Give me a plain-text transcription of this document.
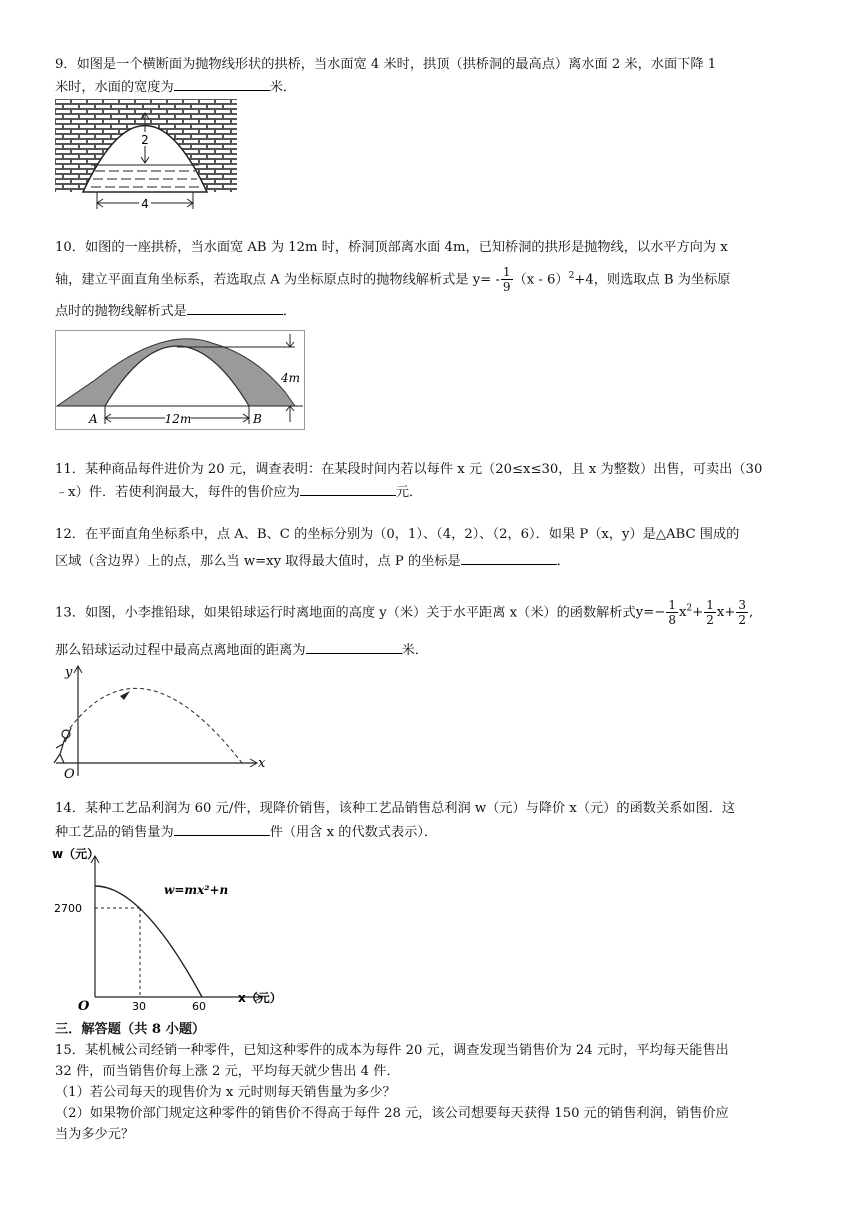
9．如图是一个横断面为抛物线形状的拱桥，当水面宽 4 米时，拱顶（拱桥洞的最高点）离水面 2 米，水面下降 1
米时，水面的宽度为	米．
2
4
10．如图的一座拱桥，当水面宽 AB 为 12m 时，桥洞顶部离水面 4m，已知桥洞的拱形是抛物线，以水平方向为 x
轴，建立平面直角坐标系，若选取点 A 为坐标原点时的抛物线解析式是 $y= - \frac{1}{9} (x - 6)^2+4$，则选取点 B 为坐标原
点时的抛物线解析式是	．
4m
12m
A	B
11．某种商品每件进价为 20 元，调查表明：在某段时间内若以每件 x 元（20≤x≤30，且 x 为整数）出售，可卖出（30
﹣x）件．若使利润最大，每件的售价应为	元．
12．在平面直角坐标系中，点 A、B、C 的坐标分别为（0，1）、（4，2）、（2，6）．如果 P（x，y）是△ABC 围成的
区域（含边界）上的点，那么当 w=xy 取得最大值时，点 P 的坐标是	．
13．如图，小李推铅球，如果铅球运行时离地面的高度 y（米）关于水平距离 x（米）的函数解析式$y=- \frac{1}{8} x^2+ \frac{1}{2} x+ \frac{3}{2}$ ,
那么铅球运动过程中最高点离地面的距离为	米．
y
x
O
14．某种工艺品利润为 60 元/件，现降价销售，该种工艺品销售总利润 w（元）与降价 x（元）的函数关系如图．这
种工艺品的销售量为	件（用含 x 的代数式表示）．
w（元）
x（元）
O
2700
30	60
w=mx²+n
三．解答题（共 8 小题）
15．某机械公司经销一种零件，已知这种零件的成本为每件 20 元，调查发现当销售价为 24 元时，平均每天能售出
32 件，而当销售价每上涨 2 元，平均每天就少售出 4 件．
（1）若公司每天的现售价为 x 元时则每天销售量为多少？
（2）如果物价部门规定这种零件的销售价不得高于每件 28 元，该公司想要每天获得 150 元的销售利润，销售价应
当为多少元？
